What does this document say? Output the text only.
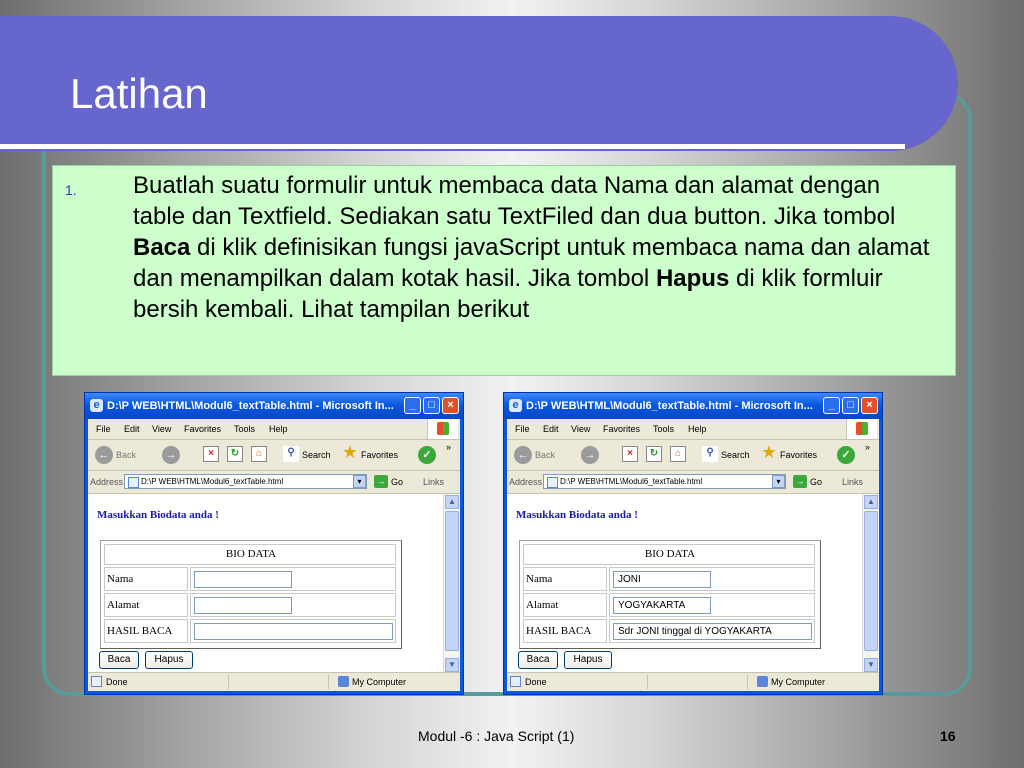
Latihan
1. Buatlah suatu formulir untuk membaca data Nama dan alamat dengan table dan Textfield. Sediakan satu TextFiled dan dua button. Jika tombol Baca di klik definisikan fungsi javaScript untuk membaca nama dan alamat dan menampilkan dalam kotak hasil. Jika tombol Hapus di klik formluir bersih kembali. Lihat tampilan berikut
e D:\P WEB\HTML\Modul6_textTable.html - Microsoft In...	_	□	×
File Edit View Favorites Tools Help
← Back	→	×	↻	⌂	⚲ Search ★ Favorites	✓
»
Address	D:\P WEB\HTML\Modul6_textTable.html	▾	→ Go Links
Masukkan Biodata anda !
BIO DATA
Nama
Alamat
HASIL BACA
Baca	Hapus
▲
▼
Done	My Computer
e D:\P WEB\HTML\Modul6_textTable.html - Microsoft In...	_	□	×
File Edit View Favorites Tools Help
← Back	→	×	↻	⌂	⚲ Search ★ Favorites	✓
»
Address	D:\P WEB\HTML\Modul6_textTable.html	▾	→ Go Links
Masukkan Biodata anda !
BIO DATA
Nama	JONI
Alamat	YOGYAKARTA
HASIL BACA	Sdr JONI tinggal di YOGYAKARTA
Baca	Hapus
▲
▼
Done	My Computer
Modul -6 : Java Script (1)	16
